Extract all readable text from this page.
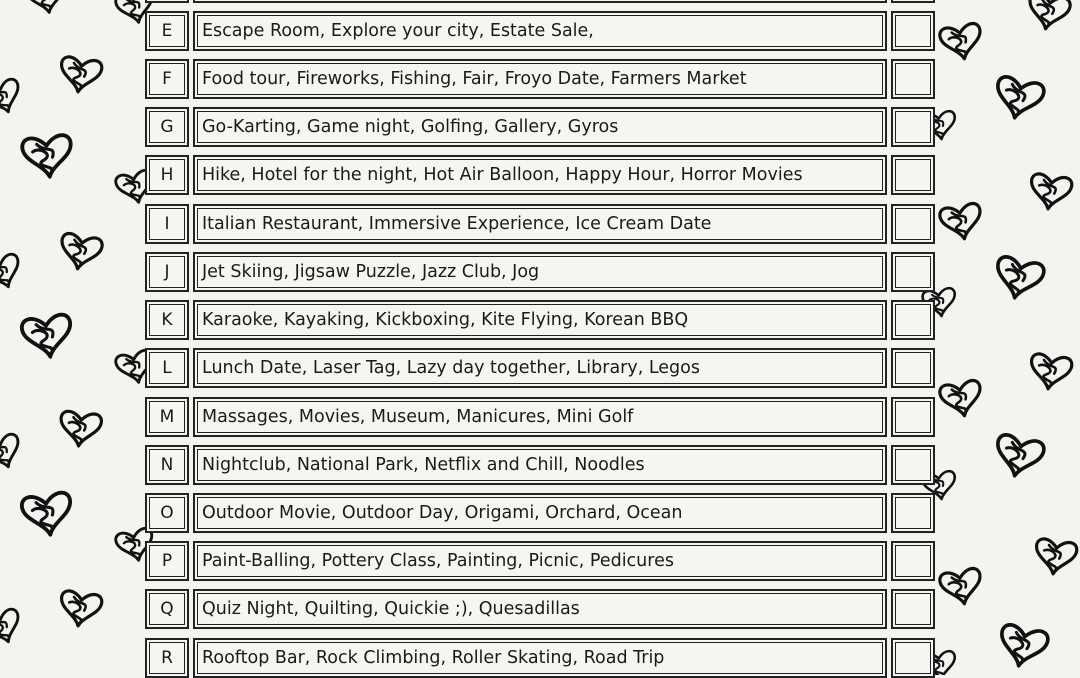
E	Escape Room, Explore your city, Estate Sale,
F	Food tour, Fireworks, Fishing, Fair, Froyo Date, Farmers Market
G	Go-Karting, Game night, Golfing, Gallery, Gyros
H	Hike, Hotel for the night, Hot Air Balloon, Happy Hour, Horror Movies
I	Italian Restaurant, Immersive Experience, Ice Cream Date
J	Jet Skiing, Jigsaw Puzzle, Jazz Club, Jog
K	Karaoke, Kayaking, Kickboxing, Kite Flying, Korean BBQ
L	Lunch Date, Laser Tag, Lazy day together, Library, Legos
M	Massages, Movies, Museum, Manicures, Mini Golf
N	Nightclub, National Park, Netflix and Chill, Noodles
O	Outdoor Movie, Outdoor Day, Origami, Orchard, Ocean
P	Paint-Balling, Pottery Class, Painting, Picnic, Pedicures
Q	Quiz Night, Quilting, Quickie ;), Quesadillas
R	Rooftop Bar, Rock Climbing, Roller Skating, Road Trip
